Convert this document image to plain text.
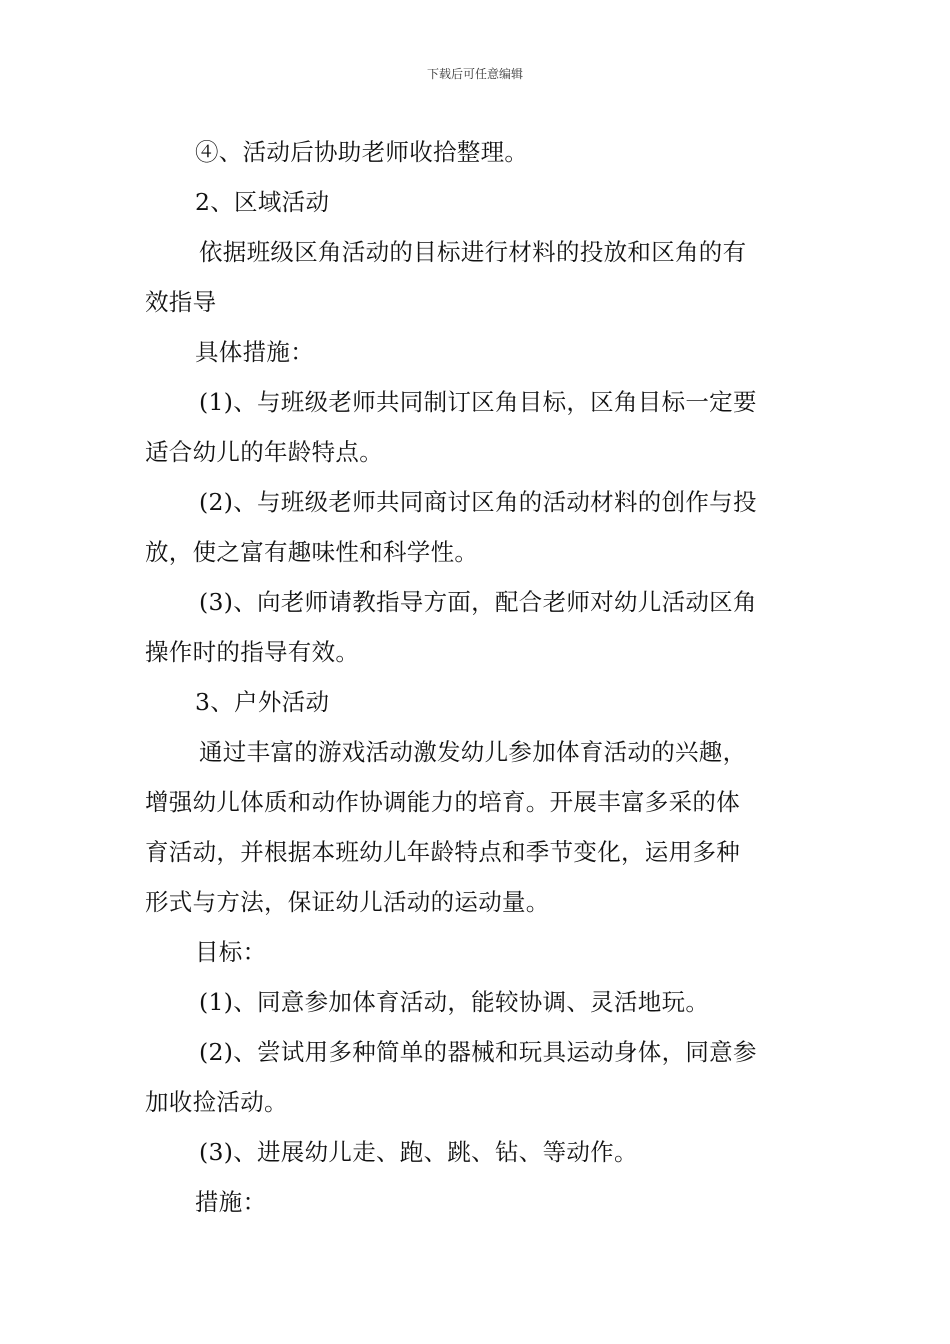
下载后可任意编辑
④、活动后协助老师收拾整理。
2、区域活动
依据班级区角活动的目标进行材料的投放和区角的有
效指导
具体措施：
(1)、与班级老师共同制订区角目标，区角目标一定要
适合幼儿的年龄特点。
(2)、与班级老师共同商讨区角的活动材料的创作与投
放，使之富有趣味性和科学性。
(3)、向老师请教指导方面，配合老师对幼儿活动区角
操作时的指导有效。
3、户外活动
通过丰富的游戏活动激发幼儿参加体育活动的兴趣，
增强幼儿体质和动作协调能力的培育。开展丰富多采的体
育活动，并根据本班幼儿年龄特点和季节变化，运用多种
形式与方法，保证幼儿活动的运动量。
目标：
(1)、同意参加体育活动，能较协调、灵活地玩。
(2)、尝试用多种简单的器械和玩具运动身体，同意参
加收捡活动。
(3)、进展幼儿走、跑、跳、钻、等动作。
措施：
